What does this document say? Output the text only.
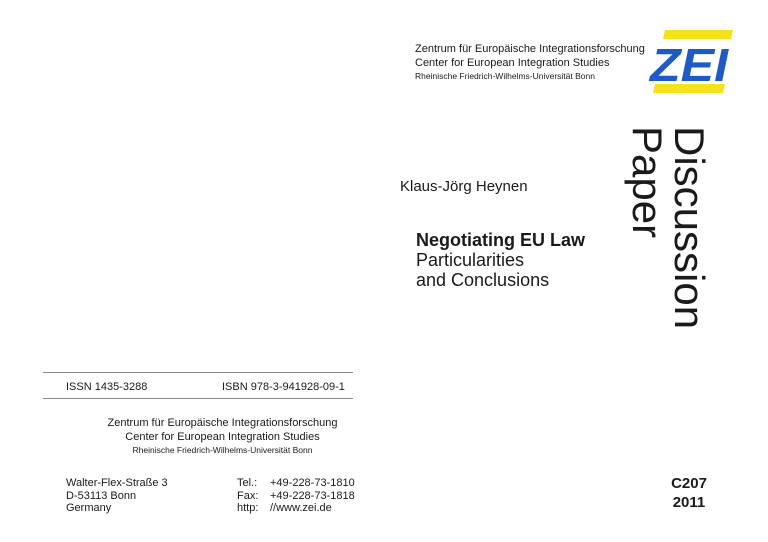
ISSN 1435-3288	ISBN 978-3-941928-09-1
Zentrum für Europäische Integrationsforschung
Center for European Integration Studies
Rheinische Friedrich-Wilhelms-Universität Bonn
Walter-Flex-Straße 3
D-53113 Bonn
Germany
Tel.: +49-228-73-1810
Fax: +49-228-73-1818
http: //www.zei.de
Zentrum für Europäische Integrationsforschung
Center for European Integration Studies
Rheinische Friedrich-Wilhelms-Universität Bonn	ZEI
Klaus-Jörg Heynen
Negotiating EU Law
Particularities
and Conclusions	Discussion Paper
C207
2011
